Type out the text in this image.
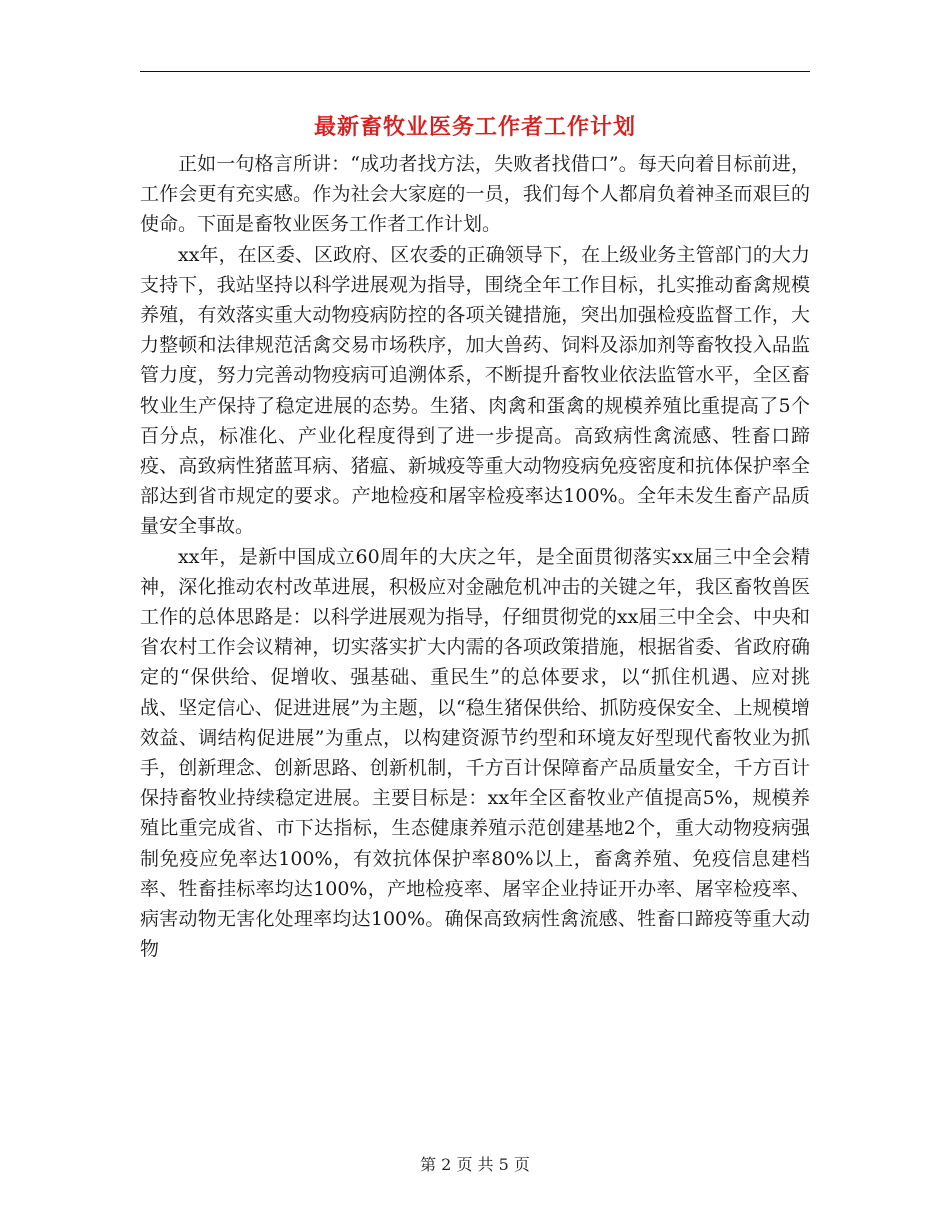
最新畜牧业医务工作者工作计划

正如一句格言所讲：“成功者找方法，失败者找借口”。每天向着目标前进，工作会更有充实感。作为社会大家庭的一员，我们每个人都肩负着神圣而艰巨的使命。下面是畜牧业医务工作者工作计划。

xx年，在区委、区政府、区农委的正确领导下，在上级业务主管部门的大力支持下，我站坚持以科学进展观为指导，围绕全年工作目标，扎实推动畜禽规模养殖，有效落实重大动物疫病防控的各项关键措施，突出加强检疫监督工作，大力整顿和法律规范活禽交易市场秩序，加大兽药、饲料及添加剂等畜牧投入品监管力度，努力完善动物疫病可追溯体系，不断提升畜牧业依法监管水平，全区畜牧业生产保持了稳定进展的态势。生猪、肉禽和蛋禽的规模养殖比重提高了5个百分点，标准化、产业化程度得到了进一步提高。高致病性禽流感、牲畜口蹄疫、高致病性猪蓝耳病、猪瘟、新城疫等重大动物疫病免疫密度和抗体保护率全部达到省市规定的要求。产地检疫和屠宰检疫率达100%。全年未发生畜产品质量安全事故。

xx年，是新中国成立60周年的大庆之年，是全面贯彻落实xx届三中全会精神，深化推动农村改革进展，积极应对金融危机冲击的关键之年，我区畜牧兽医工作的总体思路是：以科学进展观为指导，仔细贯彻党的xx届三中全会、中央和省农村工作会议精神，切实落实扩大内需的各项政策措施，根据省委、省政府确定的“保供给、促增收、强基础、重民生”的总体要求，以“抓住机遇、应对挑战、坚定信心、促进进展”为主题，以“稳生猪保供给、抓防疫保安全、上规模增效益、调结构促进展”为重点，以构建资源节约型和环境友好型现代畜牧业为抓手，创新理念、创新思路、创新机制，千方百计保障畜产品质量安全，千方百计保持畜牧业持续稳定进展。主要目标是：xx年全区畜牧业产值提高5%，规模养殖比重完成省、市下达指标，生态健康养殖示范创建基地2个，重大动物疫病强制免疫应免率达100%，有效抗体保护率80%以上，畜禽养殖、免疫信息建档率、牲畜挂标率均达100%，产地检疫率、屠宰企业持证开办率、屠宰检疫率、病害动物无害化处理率均达100%。确保高致病性禽流感、牲畜口蹄疫等重大动物

第 2 页 共 5 页
